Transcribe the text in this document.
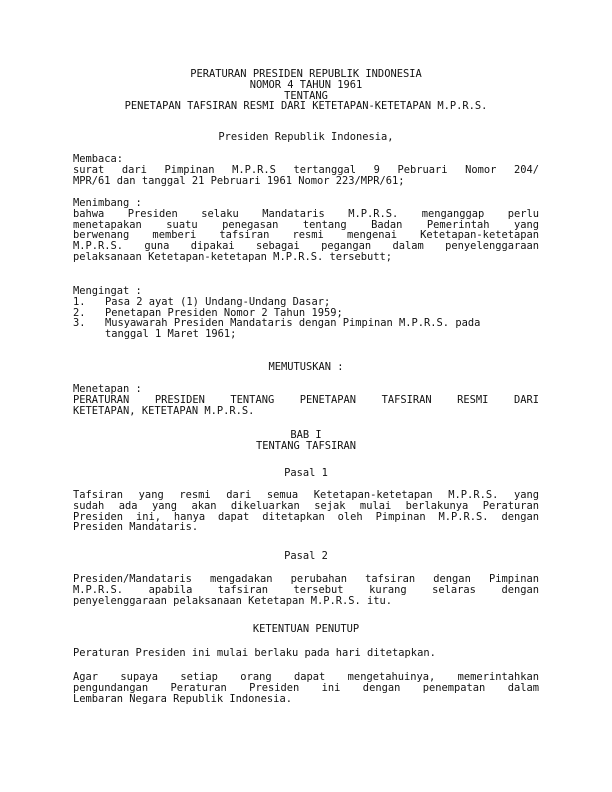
PERATURAN PRESIDEN REPUBLIK INDONESIA
NOMOR 4 TAHUN 1961
TENTANG
PENETAPAN TAFSIRAN RESMI DARI KETETAPAN-KETETAPAN M.P.R.S.
Presiden Republik Indonesia,
Membaca:
surat dari Pimpinan M.P.R.S tertanggal 9 Pebruari Nomor 204/
MPR/61 dan tanggal 21 Pebruari 1961 Nomor 223/MPR/61;
Menimbang :
bahwa Presiden selaku Mandataris M.P.R.S. menganggap perlu
menetapakan suatu penegasan tentang Badan Pemerintah yang
berwenang memberi tafsiran resmi mengenai Ketetapan-ketetapan
M.P.R.S. guna dipakai sebagai pegangan dalam penyelenggaraan
pelaksanaan Ketetapan-ketetapan M.P.R.S. tersebutt;
Mengingat :
1.	Pasa 2 ayat (1) Undang-Undang Dasar;
2.	Penetapan Presiden Nomor 2 Tahun 1959;
3.	Musyawarah Presiden Mandataris dengan Pimpinan M.P.R.S. pada
tanggal 1 Maret 1961;
MEMUTUSKAN :
Menetapan :
PERATURAN PRESIDEN TENTANG PENETAPAN TAFSIRAN RESMI DARI
KETETAPAN, KETETAPAN M.P.R.S.
BAB I
TENTANG TAFSIRAN
Pasal 1
Tafsiran yang resmi dari semua Ketetapan-ketetapan M.P.R.S. yang
sudah ada yang akan dikeluarkan sejak mulai berlakunya Peraturan
Presiden ini, hanya dapat ditetapkan oleh Pimpinan M.P.R.S. dengan
Presiden Mandataris.
Pasal 2
Presiden/Mandataris mengadakan perubahan tafsiran dengan Pimpinan
M.P.R.S. apabila tafsiran tersebut kurang selaras dengan
penyelenggaraan pelaksanaan Ketetapan M.P.R.S. itu.
KETENTUAN PENUTUP
Peraturan Presiden ini mulai berlaku pada hari ditetapkan.
Agar supaya setiap orang dapat mengetahuinya, memerintahkan
pengundangan Peraturan Presiden ini dengan penempatan dalam
Lembaran Negara Republik Indonesia.
